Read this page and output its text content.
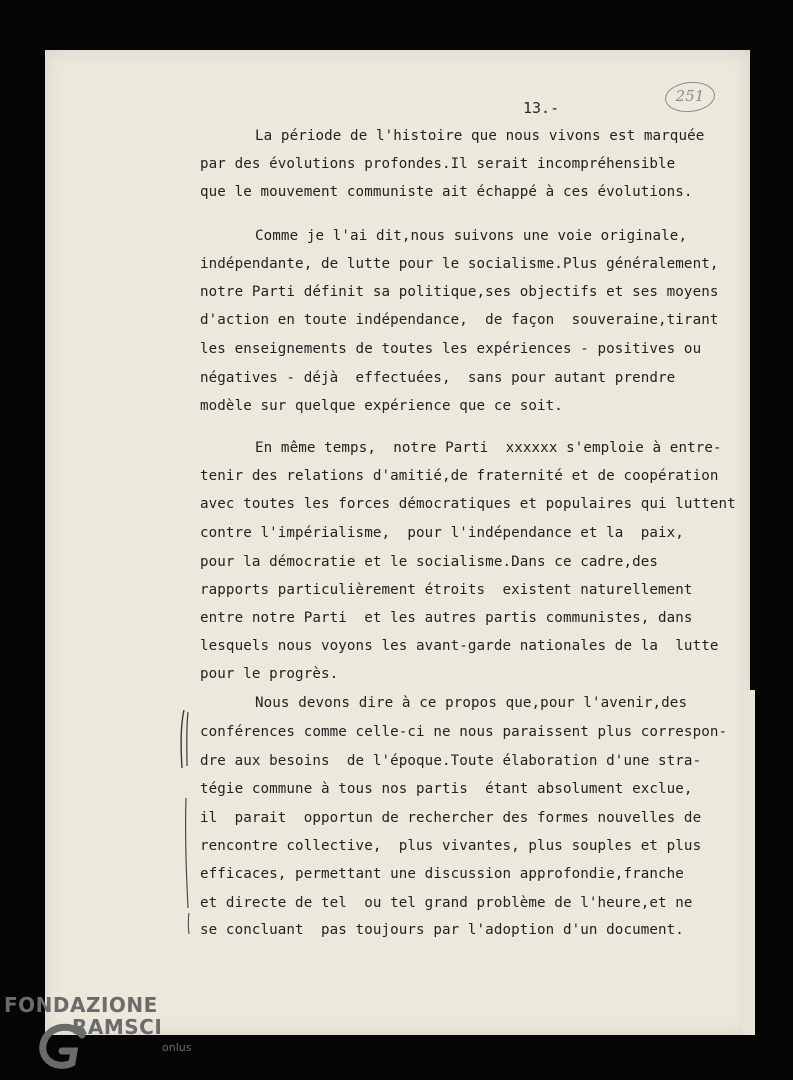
13.-
251
La période de l'histoire que nous vivons est marquée
par des évolutions profondes.Il serait incompréhensible
que le mouvement communiste ait échappé à ces évolutions.
Comme je l'ai dit,nous suivons une voie originale,
indépendante, de lutte pour le socialisme.Plus généralement,
notre Parti définit sa politique,ses objectifs et ses moyens
d'action en toute indépendance,  de façon  souveraine,tirant
les enseignements de toutes les expériences - positives ou
négatives - déjà  effectuées,  sans pour autant prendre
modèle sur quelque expérience que ce soit.
En même temps,  notre Parti  xxxxxx s'emploie à entre-
tenir des relations d'amitié,de fraternité et de coopération
avec toutes les forces démocratiques et populaires qui luttent
contre l'impérialisme,  pour l'indépendance et la  paix,
pour la démocratie et le socialisme.Dans ce cadre,des
rapports particulièrement étroits  existent naturellement
entre notre Parti  et les autres partis communistes, dans
lesquels nous voyons les avant-garde nationales de la  lutte
pour le progrès.
Nous devons dire à ce propos que,pour l'avenir,des
conférences comme celle-ci ne nous paraissent plus correspon-
dre aux besoins  de l'époque.Toute élaboration d'une stra-
tégie commune à tous nos partis  étant absolument exclue,
il  parait  opportun de rechercher des formes nouvelles de
rencontre collective,  plus vivantes, plus souples et plus
efficaces, permettant une discussion approfondie,franche
et directe de tel  ou tel grand problème de l'heure,et ne
se concluant  pas toujours par l'adoption d'un document.
FONDAZIONE
RAMSCI
onlus
